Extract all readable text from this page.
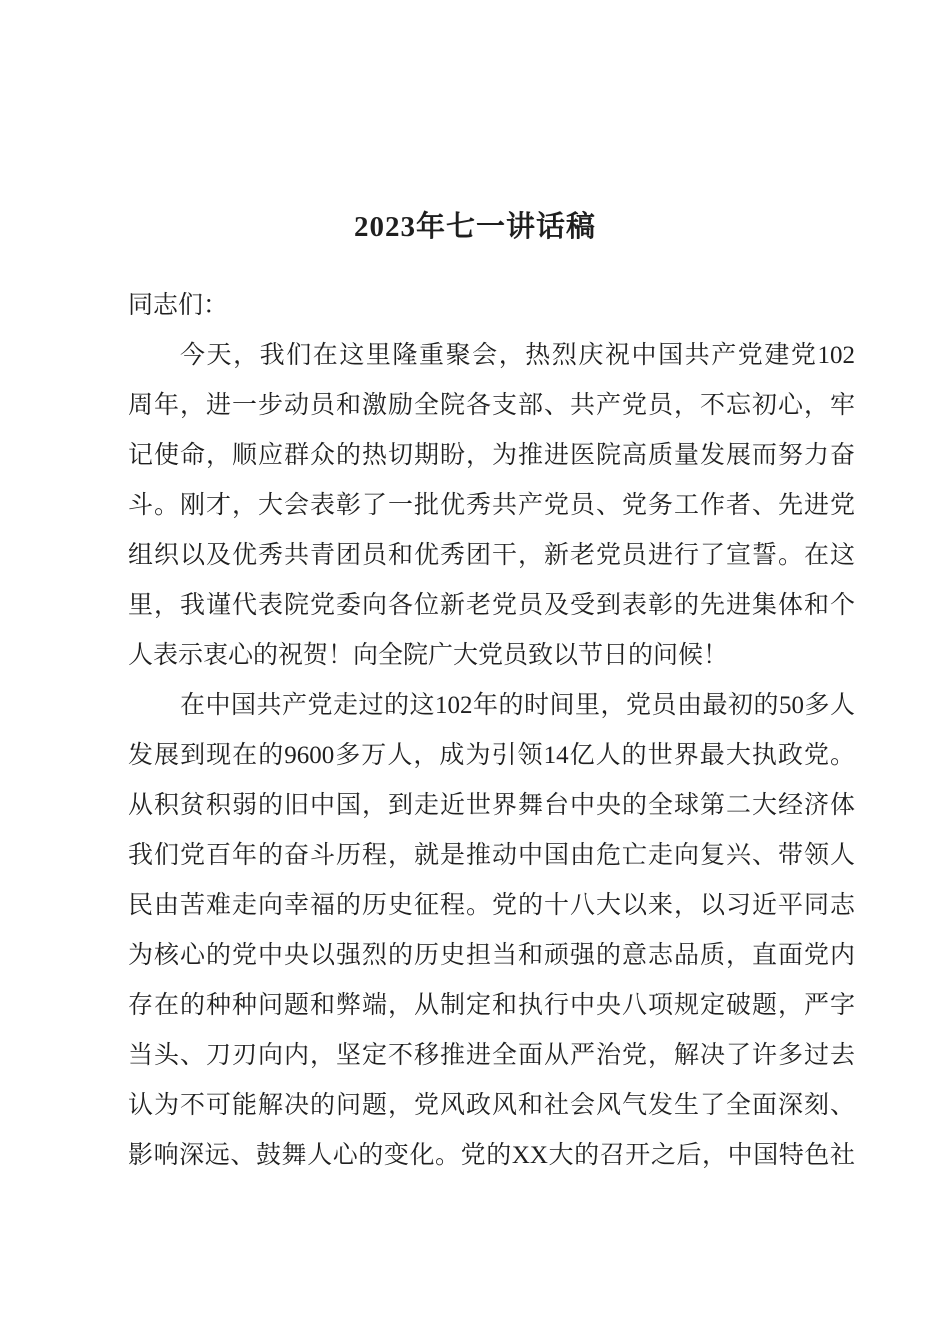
2023年七一讲话稿
同志们：
今天，我们在这里隆重聚会，热烈庆祝中国共产党建党102
周年，进一步动员和激励全院各支部、共产党员，不忘初心，牢
记使命，顺应群众的热切期盼，为推进医院高质量发展而努力奋
斗。刚才，大会表彰了一批优秀共产党员、党务工作者、先进党
组织以及优秀共青团员和优秀团干，新老党员进行了宣誓。在这
里，我谨代表院党委向各位新老党员及受到表彰的先进集体和个
人表示衷心的祝贺！向全院广大党员致以节日的问候！
在中国共产党走过的这102年的时间里，党员由最初的50多人
发展到现在的9600多万人，成为引领14亿人的世界最大执政党。
从积贫积弱的旧中国，到走近世界舞台中央的全球第二大经济体
我们党百年的奋斗历程，就是推动中国由危亡走向复兴、带领人
民由苦难走向幸福的历史征程。党的十八大以来，以习近平同志
为核心的党中央以强烈的历史担当和顽强的意志品质，直面党内
存在的种种问题和弊端，从制定和执行中央八项规定破题，严字
当头、刀刃向内，坚定不移推进全面从严治党，解决了许多过去
认为不可能解决的问题，党风政风和社会风气发生了全面深刻、
影响深远、鼓舞人心的变化。党的XX大的召开之后，中国特色社
